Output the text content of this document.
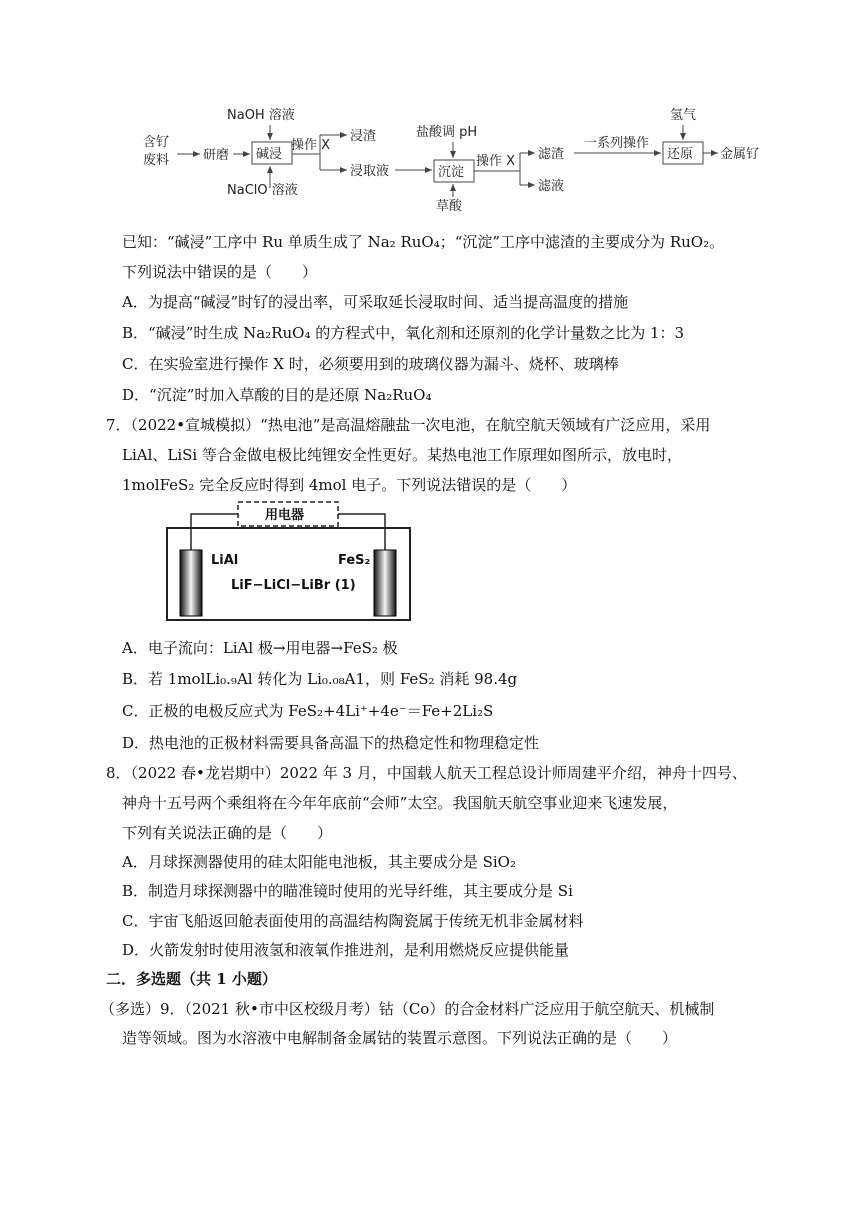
NaOH 溶液
含钌
废料	研磨 碱浸
NaClO 溶液
操作 X
浸渣
浸取液
盐酸调 pH
沉淀
草酸
操作 X 滤渣
滤液
一系列操作
氢气
还原 金属钌
已知：“碱浸”工序中 Ru 单质生成了 Na₂ RuO₄；“沉淀”工序中滤渣的主要成分为 RuO₂。
下列说法中错误的是（　　）
A．为提高“碱浸”时钌的浸出率，可采取延长浸取时间、适当提高温度的措施
B．“碱浸”时生成 Na₂RuO₄ 的方程式中，氧化剂和还原剂的化学计量数之比为 1：3
C．在实验室进行操作 X 时，必须要用到的玻璃仪器为漏斗、烧杯、玻璃棒
D．“沉淀”时加入草酸的目的是还原 Na₂RuO₄
7．（2022•宣城模拟）“热电池”是高温熔融盐一次电池，在航空航天领域有广泛应用，采用
LiAl、LiSi 等合金做电极比纯锂安全性更好。某热电池工作原理如图所示，放电时，
1molFeS₂ 完全反应时得到 4mol 电子。下列说法错误的是（　　）
用电器
LiAl	FeS₂
LiF−LiCl−LiBr (1)
A．电子流向：LiAl 极→用电器→FeS₂ 极
B．若 1molLi₀.₉Al 转化为 Li₀.₀₈A1，则 FeS₂ 消耗 98.4g
C．正极的电极反应式为 FeS₂+4Li⁺+4e⁻＝Fe+2Li₂S
D．热电池的正极材料需要具备高温下的热稳定性和物理稳定性
8．（2022 春•龙岩期中）2022 年 3 月，中国载人航天工程总设计师周建平介绍，神舟十四号、
神舟十五号两个乘组将在今年年底前“会师”太空。我国航天航空事业迎来飞速发展，
下列有关说法正确的是（　　）
A．月球探测器使用的硅太阳能电池板，其主要成分是 SiO₂
B．制造月球探测器中的瞄准镜时使用的光导纤维，其主要成分是 Si
C．宇宙飞船返回舱表面使用的高温结构陶瓷属于传统无机非金属材料
D．火箭发射时使用液氢和液氧作推进剂，是利用燃烧反应提供能量
二．多选题（共 1 小题）
（多选）9．（2021 秋•市中区校级月考）钴（Co）的合金材料广泛应用于航空航天、机械制
造等领域。图为水溶液中电解制备金属钴的装置示意图。下列说法正确的是（　　）
